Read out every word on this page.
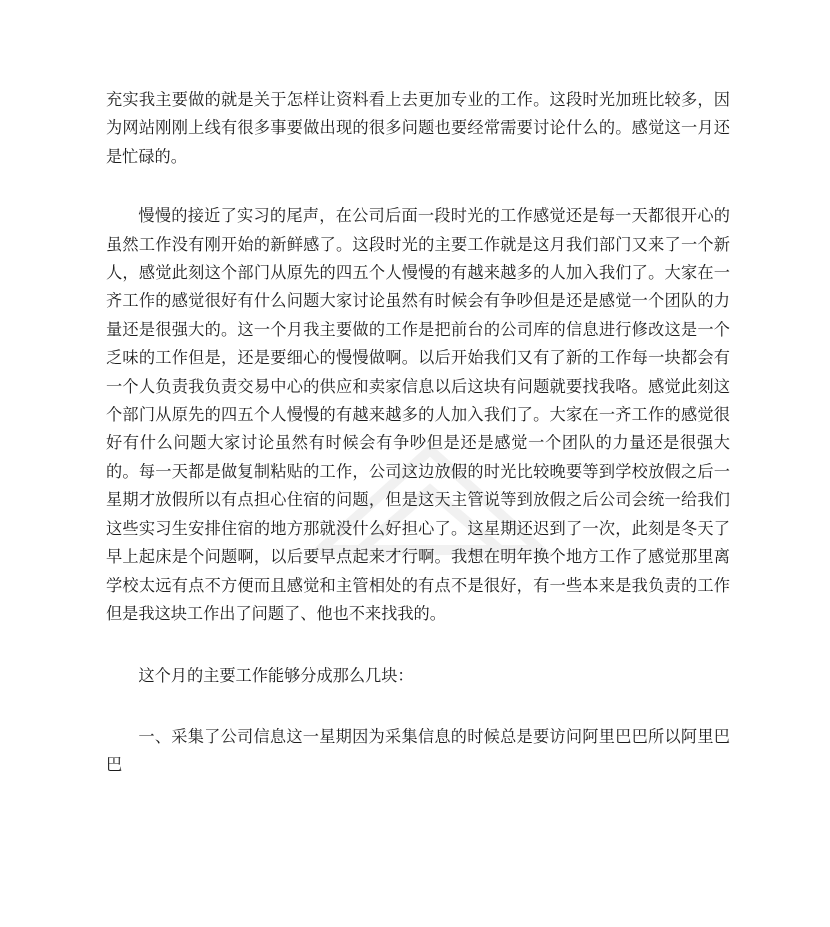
充实我主要做的就是关于怎样让资料看上去更加专业的工作。这段时光加班比较多，因为网站刚刚上线有很多事要做出现的很多问题也要经常需要讨论什么的。感觉这一月还是忙碌的。

慢慢的接近了实习的尾声，在公司后面一段时光的工作感觉还是每一天都很开心的虽然工作没有刚开始的新鲜感了。这段时光的主要工作就是这月我们部门又来了一个新人，感觉此刻这个部门从原先的四五个人慢慢的有越来越多的人加入我们了。大家在一齐工作的感觉很好有什么问题大家讨论虽然有时候会有争吵但是还是感觉一个团队的力量还是很强大的。这一个月我主要做的工作是把前台的公司库的信息进行修改这是一个乏味的工作但是，还是要细心的慢慢做啊。以后开始我们又有了新的工作每一块都会有一个人负责我负责交易中心的供应和卖家信息以后这块有问题就要找我咯。感觉此刻这个部门从原先的四五个人慢慢的有越来越多的人加入我们了。大家在一齐工作的感觉很好有什么问题大家讨论虽然有时候会有争吵但是还是感觉一个团队的力量还是很强大的。每一天都是做复制粘贴的工作，公司这边放假的时光比较晚要等到学校放假之后一星期才放假所以有点担心住宿的问题，但是这天主管说等到放假之后公司会统一给我们这些实习生安排住宿的地方那就没什么好担心了。这星期还迟到了一次，此刻是冬天了早上起床是个问题啊，以后要早点起来才行啊。我想在明年换个地方工作了感觉那里离学校太远有点不方便而且感觉和主管相处的有点不是很好，有一些本来是我负责的工作但是我这块工作出了问题了、他也不来找我的。

这个月的主要工作能够分成那么几块：

一、采集了公司信息这一星期因为采集信息的时候总是要访问阿里巴巴所以阿里巴巴
